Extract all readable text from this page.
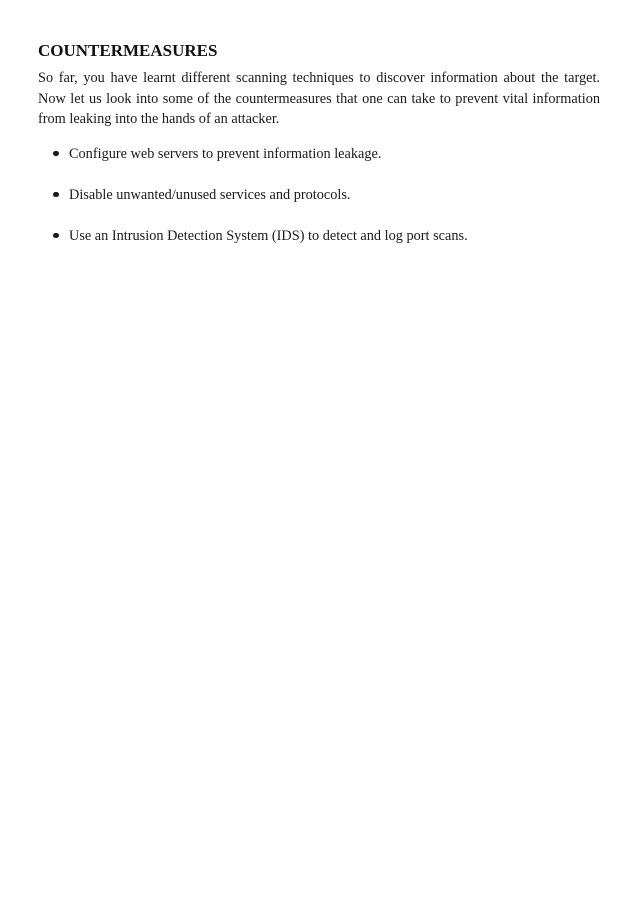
COUNTERMEASURES

So far, you have learnt different scanning techniques to discover information about the target. Now let us look into some of the countermeasures that one can take to prevent vital information from leaking into the hands of an attacker.

Configure web servers to prevent information leakage.
Disable unwanted/unused services and protocols.
Use an Intrusion Detection System (IDS) to detect and log port scans.
